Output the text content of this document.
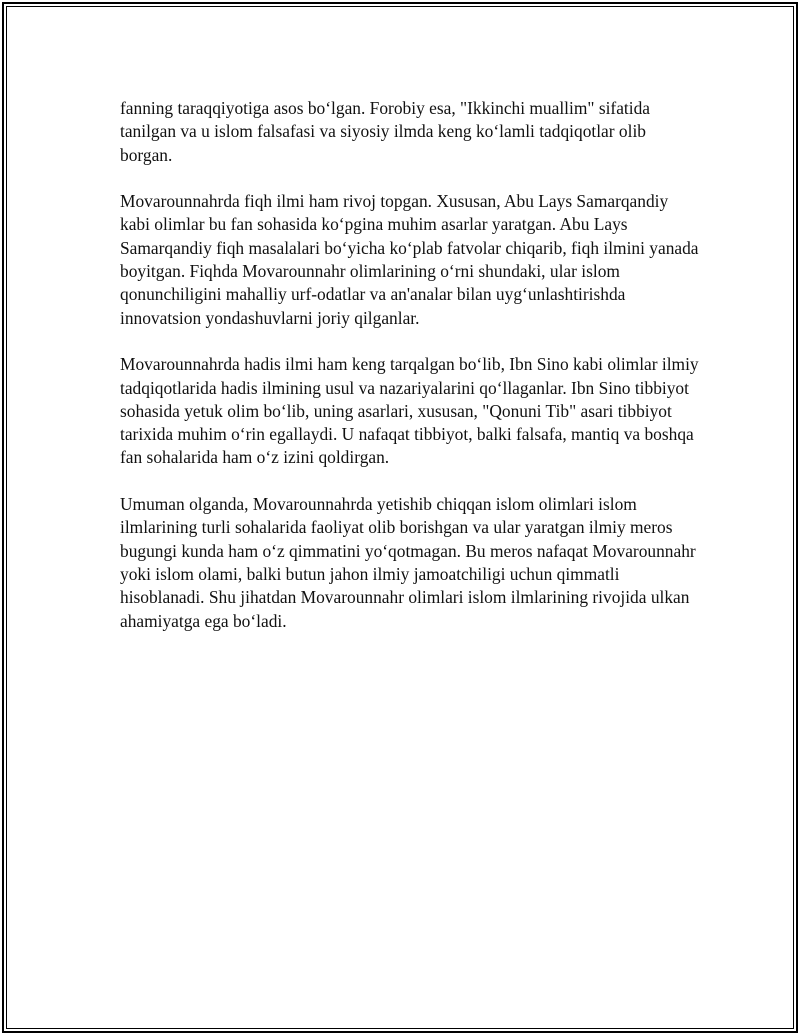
fanning taraqqiyotiga asos bo‘lgan. Forobiy esa, "Ikkinchi muallim" sifatida tanilgan va u islom falsafasi va siyosiy ilmda keng ko‘lamli tadqiqotlar olib borgan.

Movarounnahrda fiqh ilmi ham rivoj topgan. Xususan, Abu Lays Samarqandiy kabi olimlar bu fan sohasida ko‘pgina muhim asarlar yaratgan. Abu Lays Samarqandiy fiqh masalalari bo‘yicha ko‘plab fatvolar chiqarib, fiqh ilmini yanada boyitgan. Fiqhda Movarounnahr olimlarining o‘rni shundaki, ular islom qonunchiligini mahalliy urf-odatlar va an'analar bilan uyg‘unlashtirishda innovatsion yondashuvlarni joriy qilganlar.

Movarounnahrda hadis ilmi ham keng tarqalgan bo‘lib, Ibn Sino kabi olimlar ilmiy tadqiqotlarida hadis ilmining usul va nazariyalarini qo‘llaganlar. Ibn Sino tibbiyot sohasida yetuk olim bo‘lib, uning asarlari, xususan, "Qonuni Tib" asari tibbiyot tarixida muhim o‘rin egallaydi. U nafaqat tibbiyot, balki falsafa, mantiq va boshqa fan sohalarida ham o‘z izini qoldirgan.

Umuman olganda, Movarounnahrda yetishib chiqqan islom olimlari islom ilmlarining turli sohalarida faoliyat olib borishgan va ular yaratgan ilmiy meros bugungi kunda ham o‘z qimmatini yo‘qotmagan. Bu meros nafaqat Movarounnahr yoki islom olami, balki butun jahon ilmiy jamoatchiligi uchun qimmatli hisoblanadi. Shu jihatdan Movarounnahr olimlari islom ilmlarining rivojida ulkan ahamiyatga ega bo‘ladi.
